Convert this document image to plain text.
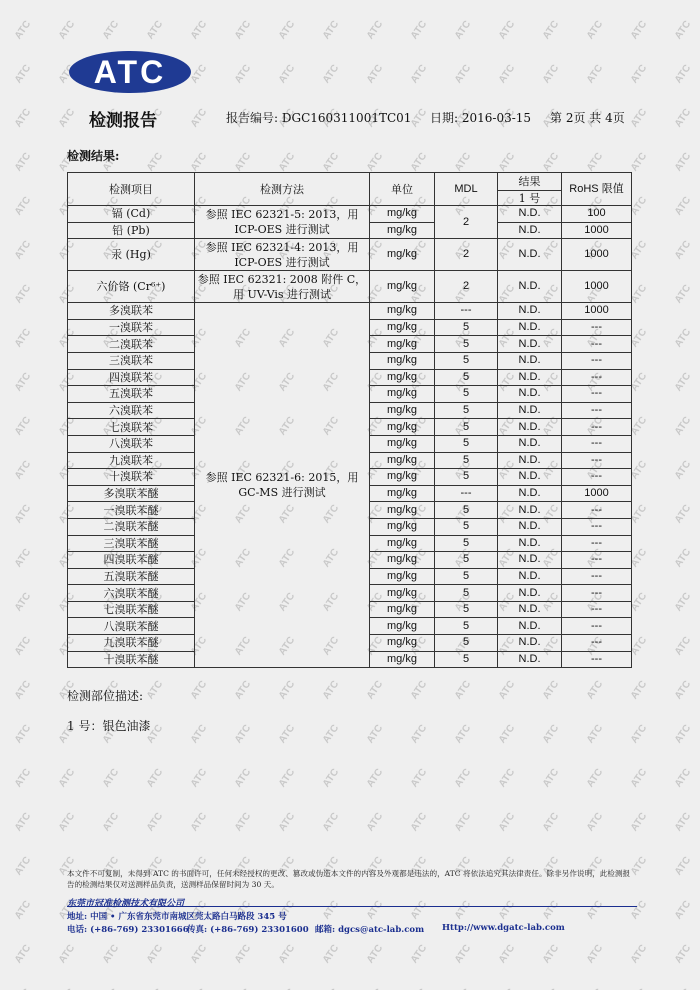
ATC
检测报告	报告编号: DGC160311001TC01 日期: 2016-03-15 第 2页 共 4页
检测结果:
检测项目	检测方法	单位	MDL	结果	RoHS 限值
				1 号	
镉 (Cd)	参照 IEC 62321-5: 2013，用 ICP-OES 进行测试	mg/kg	2	N.D.	100
铅 (Pb)		mg/kg		N.D.	1000
汞 (Hg)	参照 IEC 62321-4: 2013，用 ICP-OES 进行测试	mg/kg	2	N.D.	1000
六价铬 (Cr⁶⁺)	参照 IEC 62321: 2008 附件 C，用 UV-Vis 进行测试	mg/kg	2	N.D.	1000
多溴联苯	参照 IEC 62321-6: 2015，用 GC-MS 进行测试	mg/kg	---	N.D.	1000
一溴联苯		mg/kg	5	N.D.	---
二溴联苯		mg/kg	5	N.D.	---
三溴联苯		mg/kg	5	N.D.	---
四溴联苯		mg/kg	5	N.D.	---
五溴联苯		mg/kg	5	N.D.	---
六溴联苯		mg/kg	5	N.D.	---
七溴联苯		mg/kg	5	N.D.	---
八溴联苯		mg/kg	5	N.D.	---
九溴联苯		mg/kg	5	N.D.	---
十溴联苯		mg/kg	5	N.D.	---
多溴联苯醚		mg/kg	---	N.D.	1000
一溴联苯醚		mg/kg	5	N.D.	---
二溴联苯醚		mg/kg	5	N.D.	---
三溴联苯醚		mg/kg	5	N.D.	---
四溴联苯醚		mg/kg	5	N.D.	---
五溴联苯醚		mg/kg	5	N.D.	---
六溴联苯醚		mg/kg	5	N.D.	---
七溴联苯醚		mg/kg	5	N.D.	---
八溴联苯醚		mg/kg	5	N.D.	---
九溴联苯醚		mg/kg	5	N.D.	---
十溴联苯醚		mg/kg	5	N.D.	---
检测部位描述:
1 号：银色油漆
本文件不可复制，未得到 ATC 的书面许可，任何未经授权的更改、篡改或伪造本文件的内容及外观都是违法的，ATC 将依法追究其法律责任。除非另作说明，此检测报告的检测结果仅对送测样品负责，送测样品保留时间为 30 天。
东莞市冠准检测技术有限公司
地址: 中国 • 广东省东莞市南城区莞太路白马路段 345 号
电话: (+86-769) 23301666
传真: (+86-769) 23301600 邮箱: dgcs@atc-lab.com Http://www.dgatc-lab.com
